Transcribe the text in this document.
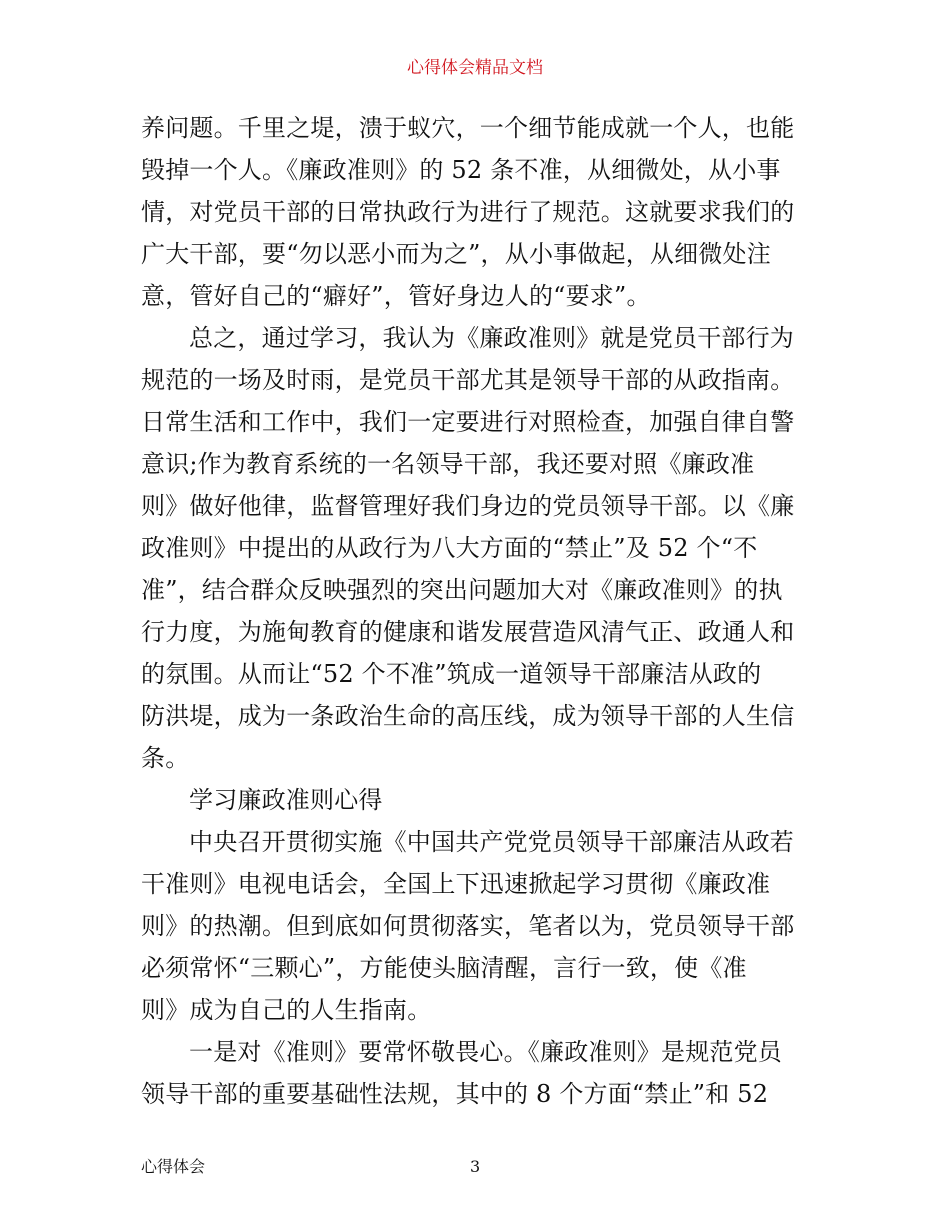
心得体会精品文档
养问题。千里之堤，溃于蚁穴，一个细节能成就一个人，也能
毁掉一个人。《廉政准则》的 52 条不准，从细微处，从小事
情，对党员干部的日常执政行为进行了规范。这就要求我们的
广大干部，要“勿以恶小而为之”，从小事做起，从细微处注
意，管好自己的“癖好”，管好身边人的“要求”。
总之，通过学习，我认为《廉政准则》就是党员干部行为
规范的一场及时雨，是党员干部尤其是领导干部的从政指南。
日常生活和工作中，我们一定要进行对照检查，加强自律自警
意识;作为教育系统的一名领导干部，我还要对照《廉政准
则》做好他律，监督管理好我们身边的党员领导干部。以《廉
政准则》中提出的从政行为八大方面的“禁止”及 52 个“不
准”，结合群众反映强烈的突出问题加大对《廉政准则》的执
行力度，为施甸教育的健康和谐发展营造风清气正、政通人和
的氛围。从而让“52 个不准”筑成一道领导干部廉洁从政的
防洪堤，成为一条政治生命的高压线，成为领导干部的人生信
条。
学习廉政准则心得
中央召开贯彻实施《中国共产党党员领导干部廉洁从政若
干准则》电视电话会，全国上下迅速掀起学习贯彻《廉政准
则》的热潮。但到底如何贯彻落实，笔者以为，党员领导干部
必须常怀“三颗心”，方能使头脑清醒，言行一致，使《准
则》成为自己的人生指南。
一是对《准则》要常怀敬畏心。《廉政准则》是规范党员
领导干部的重要基础性法规，其中的 8 个方面“禁止”和 52
心得体会	3
